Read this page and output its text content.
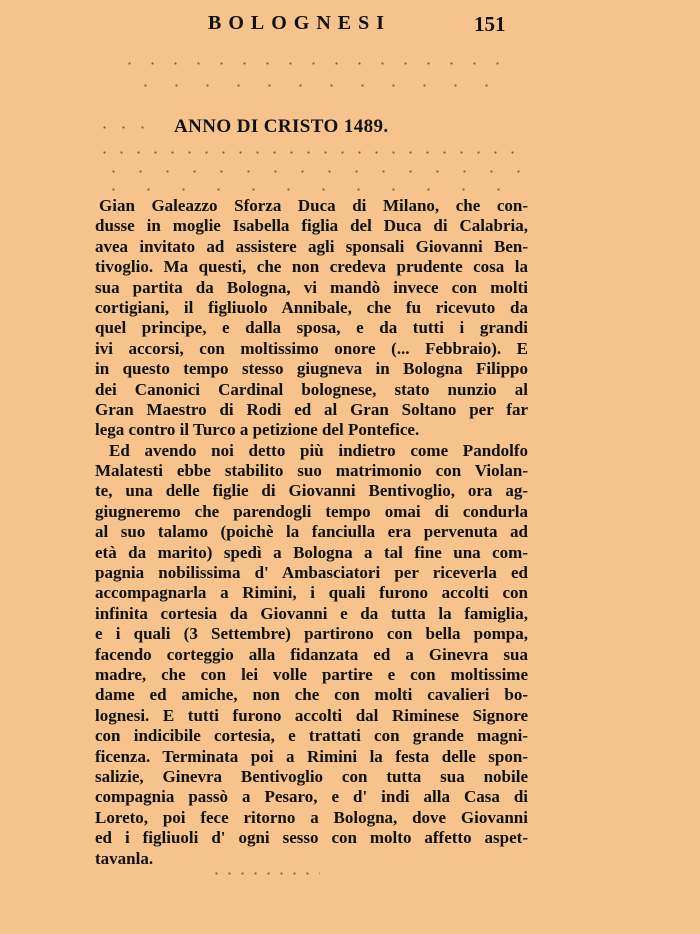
BOLOGNESI	151
ANNO DI CRISTO 1489.
Gian Galeazzo Sforza Duca di Milano, che con-
dusse in moglie Isabella figlia del Duca di Calabria,
avea invitato ad assistere agli sponsali Giovanni Ben-
tivoglio. Ma questi, che non credeva prudente cosa la
sua partita da Bologna, vi mandò invece con molti
cortigiani, il figliuolo Annibale, che fu ricevuto da
quel principe, e dalla sposa, e da tutti i grandi
ivi accorsi, con moltissimo onore (... Febbraio). E
in questo tempo stesso giugneva in Bologna Filippo
dei Canonici Cardinal bolognese, stato nunzio al
Gran Maestro di Rodi ed al Gran Soltano per far
lega contro il Turco a petizione del Pontefice.
Ed avendo noi detto più indietro come Pandolfo
Malatesti ebbe stabilito suo matrimonio con Violan-
te, una delle figlie di Giovanni Bentivoglio, ora ag-
giugneremo che parendogli tempo omai di condurla
al suo talamo (poichè la fanciulla era pervenuta ad
età da marito) spedì a Bologna a tal fine una com-
pagnia nobilissima d' Ambasciatori per riceverla ed
accompagnarla a Rimini, i quali furono accolti con
infinita cortesia da Giovanni e da tutta la famiglia,
e i quali (3 Settembre) partirono con bella pompa,
facendo corteggio alla fidanzata ed a Ginevra sua
madre, che con lei volle partire e con moltissime
dame ed amiche, non che con molti cavalieri bo-
lognesi. E tutti furono accolti dal Riminese Signore
con indicibile cortesia, e trattati con grande magni-
ficenza. Terminata poi a Rimini la festa delle spon-
salizie, Ginevra Bentivoglio con tutta sua nobile
compagnia passò a Pesaro, e d' indi alla Casa di
Loreto, poi fece ritorno a Bologna, dove Giovanni
ed i figliuoli d' ogni sesso con molto affetto aspet-
tavanla.
